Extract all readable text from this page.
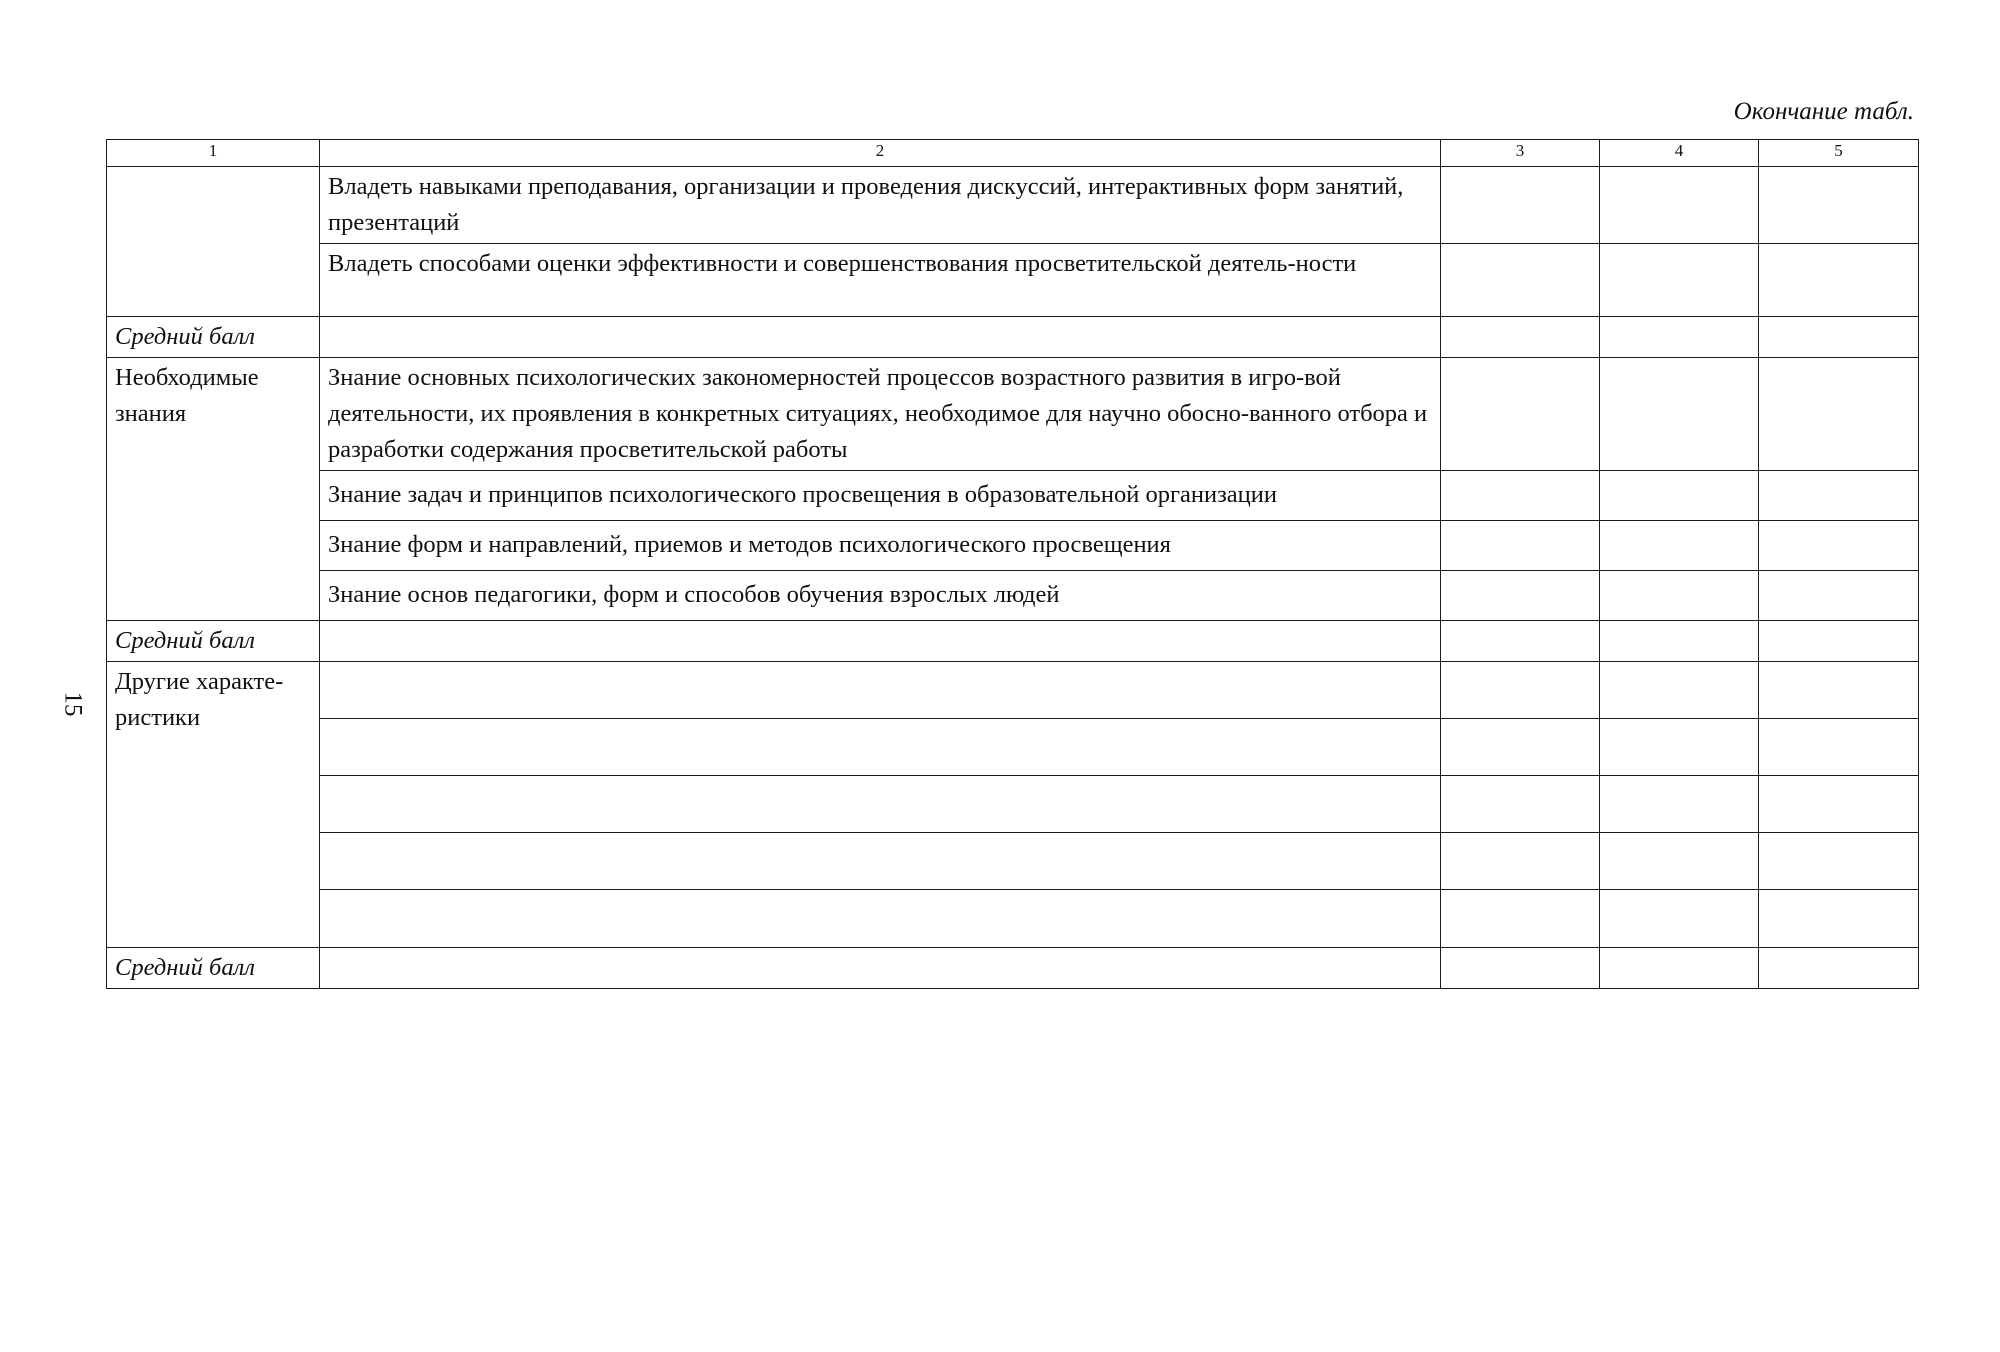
Окончание табл.
15
1	2	3	4	5
	Владеть навыками преподавания, организации и проведения дискуссий, интерактивных форм занятий, презентаций			
	Владеть способами оценки эффективности и совершенствования просветительской деятель-ности			
Средний балл				
Необходимые знания	Знание основных психологических закономерностей процессов возрастного развития в игро-вой деятельности, их проявления в конкретных ситуациях, необходимое для научно обосно-ванного отбора и разработки содержания просветительской работы			
	Знание задач и принципов психологического просвещения в образовательной организации			
	Знание форм и направлений, приемов и методов психологического просвещения			
	Знание основ педагогики, форм и способов обучения взрослых людей			
Средний балл				
Другие характе-ристики				

Средний балл				
